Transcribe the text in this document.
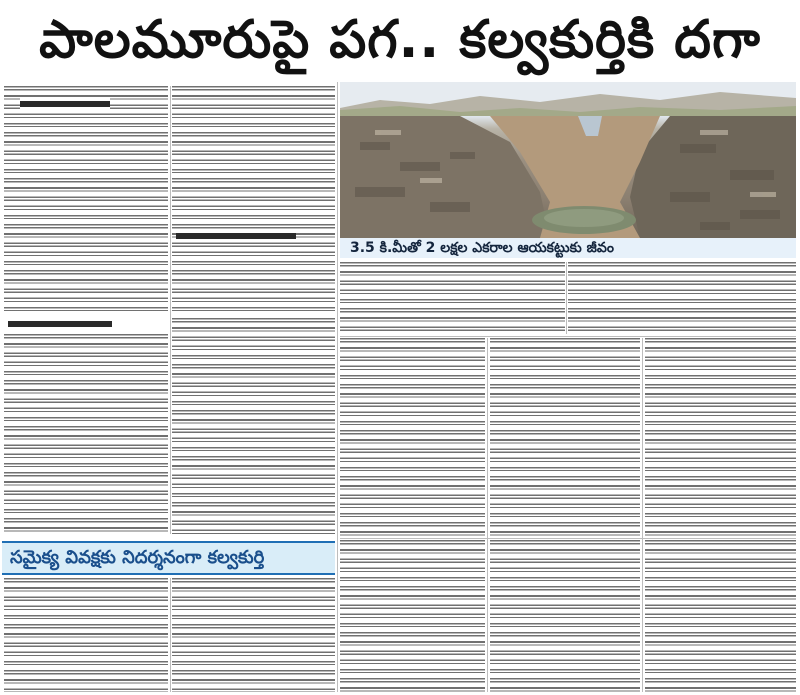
పాలమూరుపై పగ.. కల్వకుర్తికి దగా
సమైక్య వివక్షకు నిదర్శనంగా కల్వకుర్తి
3.5 కి.మీతో 2 లక్షల ఎకరాల ఆయకట్టుకు జీవం
